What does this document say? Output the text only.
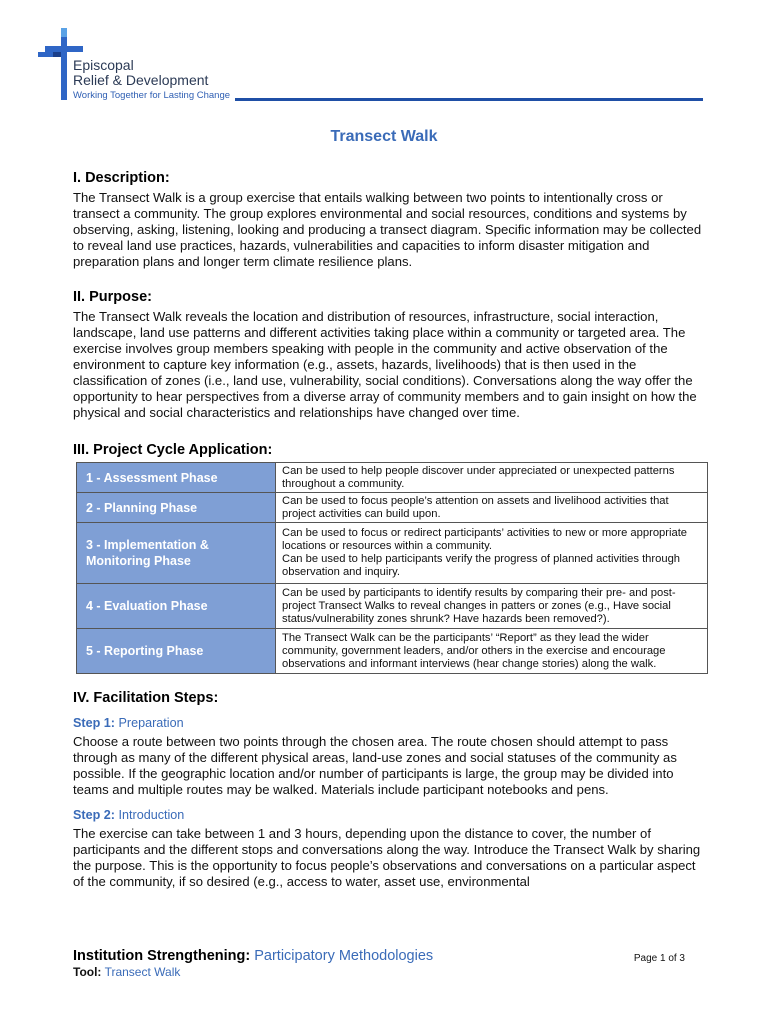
Episcopal
Relief & Development
Working Together for Lasting Change
Transect Walk
I. Description:

The Transect Walk is a group exercise that entails walking between two points to intentionally cross or transect a community. The group explores environmental and social resources, conditions and systems by observing, asking, listening, looking and producing a transect diagram. Specific information may be collected to reveal land use practices, hazards, vulnerabilities and capacities to inform disaster mitigation and preparation plans and longer term climate resilience plans.

II. Purpose:

The Transect Walk reveals the location and distribution of resources, infrastructure, social interaction, landscape, land use patterns and different activities taking place within a community or targeted area. The exercise involves group members speaking with people in the community and active observation of the environment to capture key information (e.g., assets, hazards, livelihoods) that is then used in the classification of zones (i.e., land use, vulnerability, social conditions). Conversations along the way offer the opportunity to hear perspectives from a diverse array of community members and to gain insight on how the physical and social characteristics and relationships have changed over time.

III. Project Cycle Application:
1 - Assessment Phase	Can be used to help people discover under appreciated or unexpected patterns throughout a community.
2 - Planning Phase	Can be used to focus people’s attention on assets and livelihood activities that project activities can build upon.
3 - Implementation & Monitoring Phase	Can be used to focus or redirect participants’ activities to new or more appropriate locations or resources within a community.
Can be used to help participants verify the progress of planned activities through observation and inquiry.

4 - Evaluation Phase	Can be used by participants to identify results by comparing their pre- and post-project Transect Walks to reveal changes in patters or zones (e.g., Have social status/vulnerability zones shrunk? Have hazards been removed?).
5 - Reporting Phase	The Transect Walk can be the participants’ “Report” as they lead the wider community, government leaders, and/or others in the exercise and encourage observations and informant interviews (hear change stories) along the walk.
IV. Facilitation Steps:
Step 1: Preparation

Choose a route between two points through the chosen area. The route chosen should attempt to pass through as many of the different physical areas, land-use zones and social statuses of the community as possible. If the geographic location and/or number of participants is large, the group may be divided into teams and multiple routes may be walked. Materials include participant notebooks and pens.

Step 2: Introduction

The exercise can take between 1 and 3 hours, depending upon the distance to cover, the number of participants and the different stops and conversations along the way. Introduce the Transect Walk by sharing the purpose. This is the opportunity to focus people’s observations and conversations on a particular aspect of the community, if so desired (e.g., access to water, asset use, environmental

Institution Strengthening: Participatory Methodologies
Tool: Transect Walk
Page 1 of 3
